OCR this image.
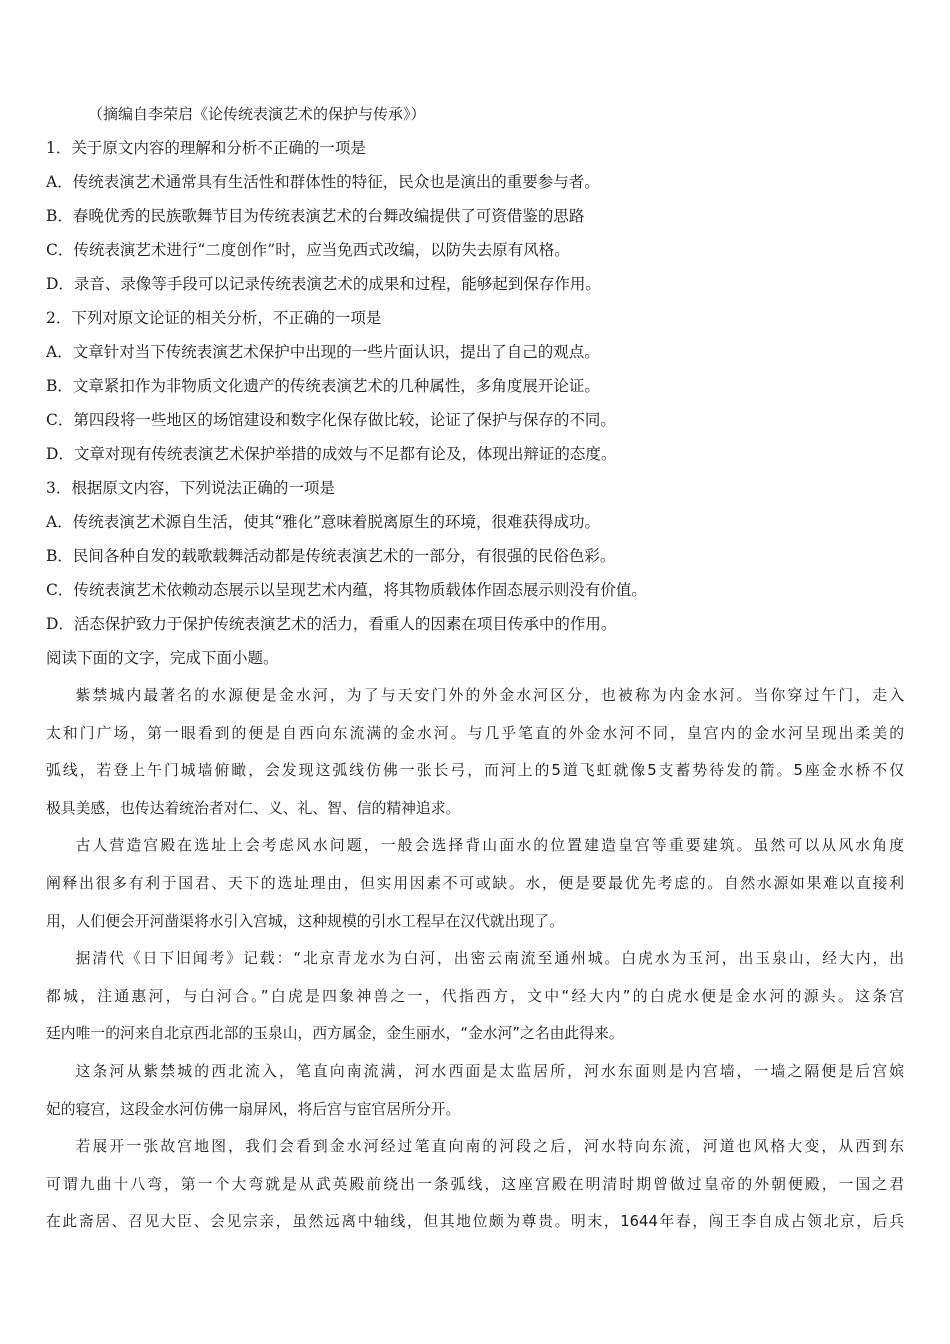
（摘编自李荣启《论传统表演艺术的保护与传承》）
1．关于原文内容的理解和分析不正确的一项是
A．传统表演艺术通常具有生活性和群体性的特征，民众也是演出的重要参与者。
B．春晚优秀的民族歌舞节目为传统表演艺术的台舞改编提供了可资借鉴的思路
C．传统表演艺术进行“二度创作”时，应当免西式改编，以防失去原有风格。
D．录音、录像等手段可以记录传统表演艺术的成果和过程，能够起到保存作用。
2．下列对原文论证的相关分析，不正确的一项是
A．文章针对当下传统表演艺术保护中出现的一些片面认识，提出了自己的观点。
B．文章紧扣作为非物质文化遗产的传统表演艺术的几种属性，多角度展开论证。
C．第四段将一些地区的场馆建设和数字化保存做比较，论证了保护与保存的不同。
D．文章对现有传统表演艺术保护举措的成效与不足都有论及，体现出辩证的态度。
3．根据原文内容，下列说法正确的一项是
A．传统表演艺术源自生活，使其“雅化”意味着脱离原生的环境，很难获得成功。
B．民间各种自发的载歌载舞活动都是传统表演艺术的一部分，有很强的民俗色彩。
C．传统表演艺术依赖动态展示以呈现艺术内蕴，将其物质载体作固态展示则没有价值。
D．活态保护致力于保护传统表演艺术的活力，看重人的因素在项目传承中的作用。
阅读下面的文字，完成下面小题。

紫禁城内最著名的水源便是金水河，为了与天安门外的外金水河区分，也被称为内金水河。当你穿过午门，走入

太和门广场，第一眼看到的便是自西向东流满的金水河。与几乎笔直的外金水河不同，皇宫内的金水河呈现出柔美的

弧线，若登上午门城墙俯瞰，会发现这弧线仿佛一张长弓，而河上的5道飞虹就像5支蓄势待发的箭。5座金水桥不仅

极具美感，也传达着统治者对仁、义、礼、智、信的精神追求。

古人营造宫殿在选址上会考虑风水问题，一般会选择背山面水的位置建造皇宫等重要建筑。虽然可以从风水角度

阐释出很多有利于国君、天下的选址理由，但实用因素不可或缺。水，便是要最优先考虑的。自然水源如果难以直接利

用，人们便会开河凿渠将水引入宫城，这种规模的引水工程早在汉代就出现了。

据清代《日下旧闻考》记载：“北京青龙水为白河，出密云南流至通州城。白虎水为玉河，出玉泉山，经大内，出

都城，注通惠河，与白河合。”白虎是四象神兽之一，代指西方，文中“经大内”的白虎水便是金水河的源头。这条宫

廷内唯一的河来自北京西北部的玉泉山，西方属金，金生丽水，“金水河”之名由此得来。

这条河从紫禁城的西北流入，笔直向南流满，河水西面是太监居所，河水东面则是内宫墙，一墙之隔便是后宫嫔

妃的寝宫，这段金水河仿佛一扇屏风，将后宫与宦官居所分开。

若展开一张故宫地图，我们会看到金水河经过笔直向南的河段之后，河水特向东流，河道也风格大变，从西到东

可谓九曲十八弯，第一个大弯就是从武英殿前绕出一条弧线，这座宫殿在明清时期曾做过皇帝的外朝便殿，一国之君

在此斋居、召见大臣、会见宗亲，虽然远离中轴线，但其地位颇为尊贵。明末，1644年春，闯王李自成占领北京，后兵
